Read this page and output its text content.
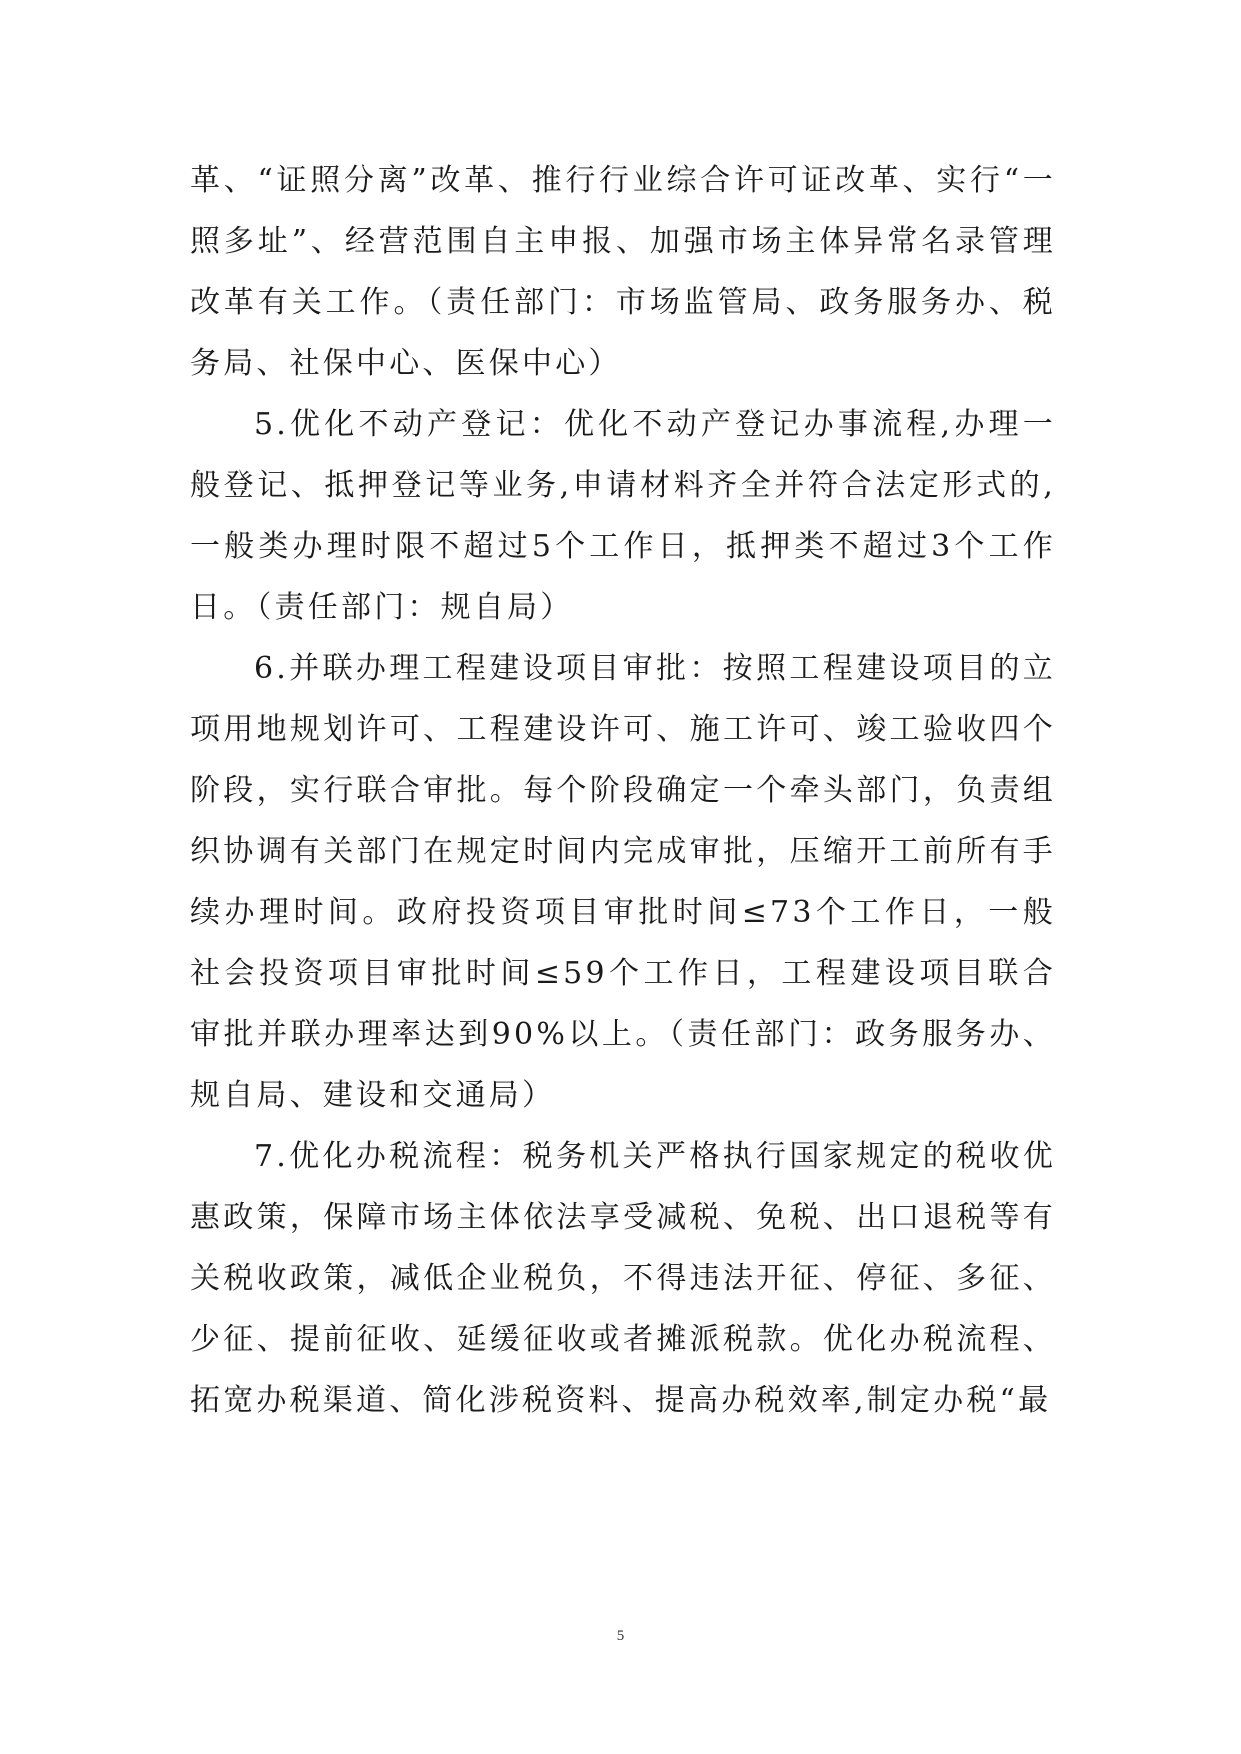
革、“证照分离”改革、推行行业综合许可证改革、实行“一照多址”、经营范围自主申报、加强市场主体异常名录管理改革有关工作。（责任部门：市场监管局、政务服务办、税务局、社保中心、医保中心）

5.优化不动产登记：优化不动产登记办事流程,办理一般登记、抵押登记等业务,申请材料齐全并符合法定形式的,一般类办理时限不超过5个工作日，抵押类不超过3个工作日。（责任部门：规自局）

6.并联办理工程建设项目审批：按照工程建设项目的立项用地规划许可、工程建设许可、施工许可、竣工验收四个阶段，实行联合审批。每个阶段确定一个牵头部门，负责组织协调有关部门在规定时间内完成审批，压缩开工前所有手续办理时间。政府投资项目审批时间≤73个工作日，一般社会投资项目审批时间≤59个工作日，工程建设项目联合审批并联办理率达到90%以上。（责任部门：政务服务办、规自局、建设和交通局）

7.优化办税流程：税务机关严格执行国家规定的税收优惠政策，保障市场主体依法享受减税、免税、出口退税等有关税收政策，减低企业税负，不得违法开征、停征、多征、少征、提前征收、延缓征收或者摊派税款。优化办税流程、拓宽办税渠道、简化涉税资料、提高办税效率,制定办税“最

5
